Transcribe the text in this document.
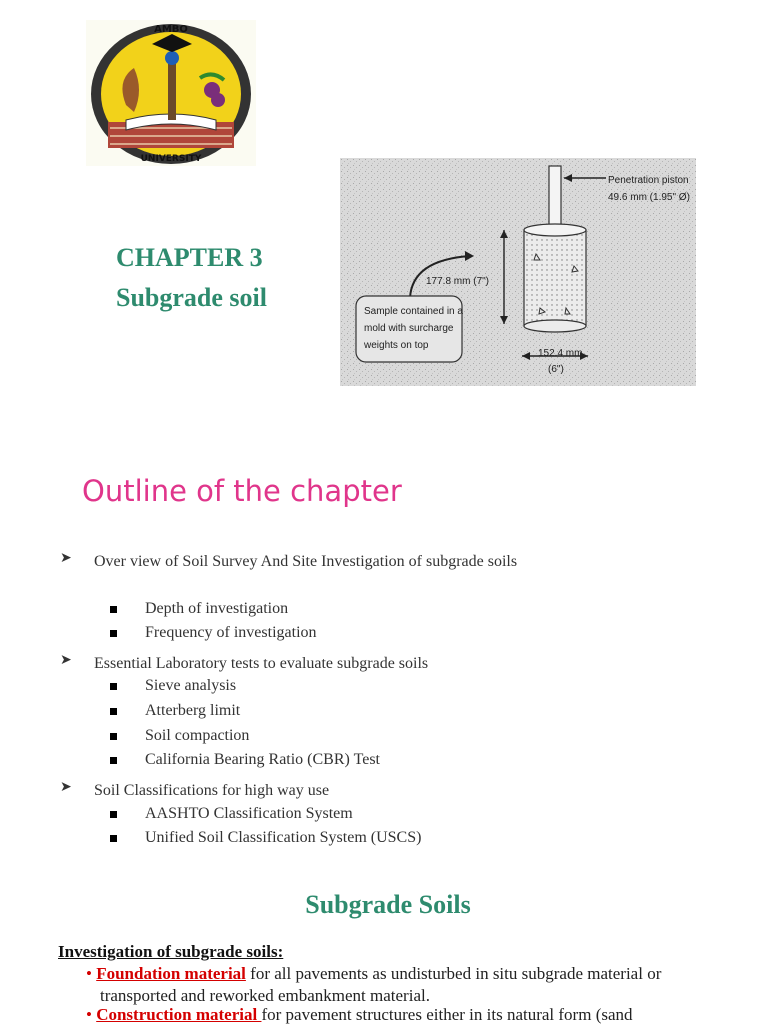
AMBO
UNIVERSITY
CHAPTER 3
Subgrade soil
Penetration piston
49.6 mm (1.95" Ø)
177.8 mm (7")
Sample contained in a
mold with surcharge
weights on top
152.4 mm
(6")
Outline of the chapter
➤ Over view of Soil Survey And Site Investigation of subgrade soils
Depth of investigation
Frequency of investigation
➤ Essential Laboratory tests to evaluate subgrade soils
Sieve analysis
Atterberg limit
Soil compaction
California Bearing Ratio (CBR) Test
➤ Soil Classifications for high way use
AASHTO Classification System
Unified Soil Classification System (USCS)
Subgrade Soils
Investigation of subgrade soils:
• Foundation material for all pavements as undisturbed in situ subgrade material or
transported and reworked embankment material.
• Construction material for pavement structures either in its natural form (sand
